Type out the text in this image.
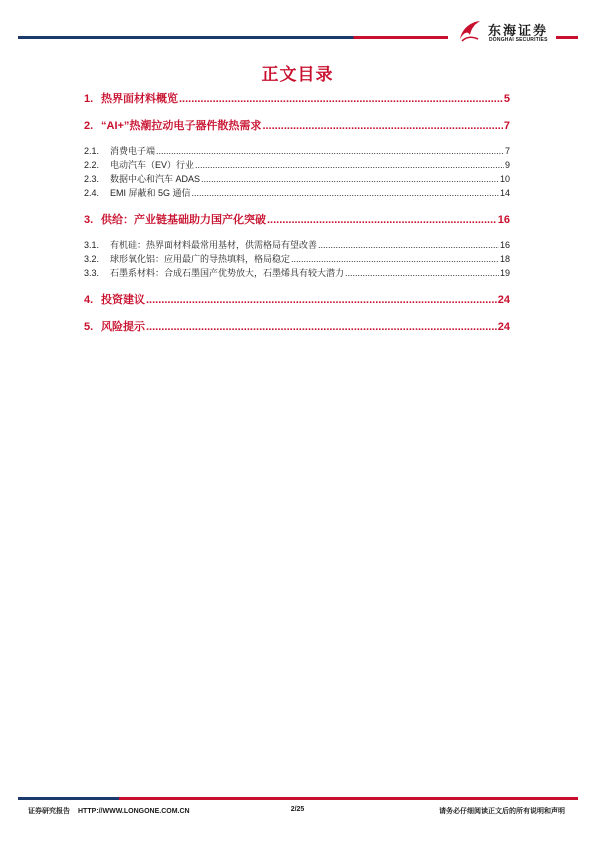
东海证券
DONGHAI SECURITIES
正文目录
1. 热界面材料概览 .....	5
2. “AI+”热潮拉动电子器件散热需求 .....	7
2.1.	消费电子端 .....	7
2.2.	电动汽车（EV）行业 .....	9
2.3.	数据中心和汽车 ADAS .....	10
2.4.	EMI 屏蔽和 5G 通信 .....	14
3. 供给：产业链基础助力国产化突破 .....	16
3.1.	有机硅：热界面材料最常用基材，供需格局有望改善 .....	16
3.2.	球形氧化铝：应用最广的导热填料，格局稳定 .....	18
3.3.	石墨系材料：合成石墨国产优势放大，石墨烯具有较大潜力 .....	19
4. 投资建议 .....	24
5. 风险提示 .....	24
证券研究报告 HTTP://WWW.LONGONE.COM.CN	2/25	请务必仔细阅读正文后的所有说明和声明
